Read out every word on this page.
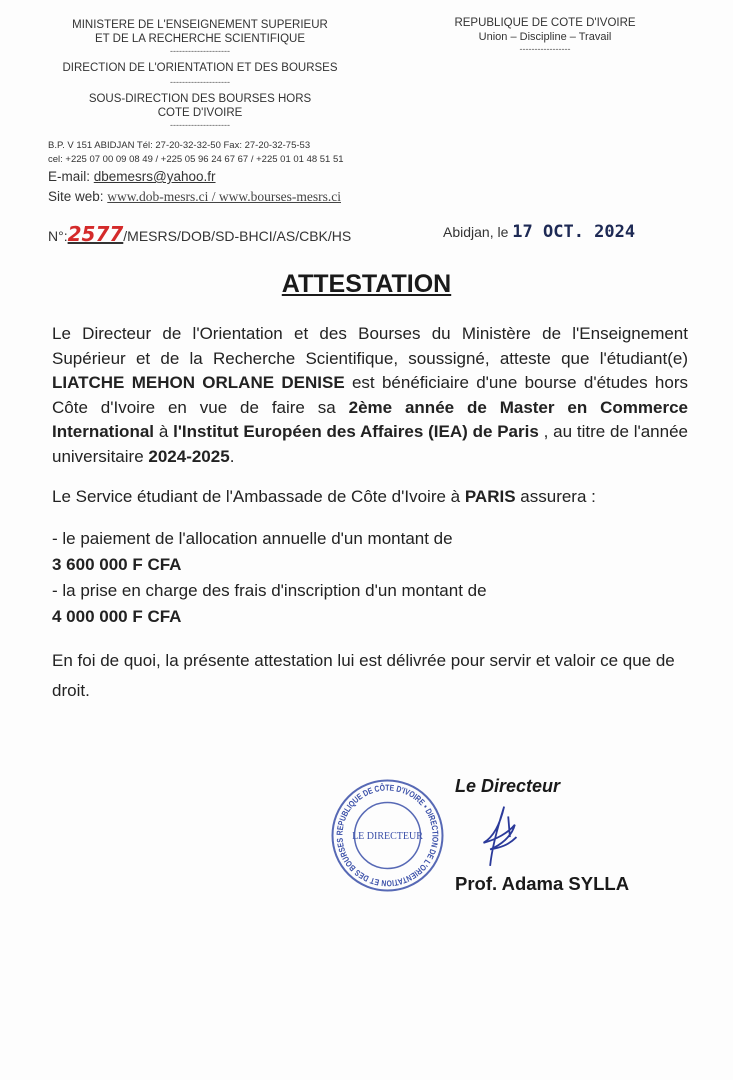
MINISTERE DE L'ENSEIGNEMENT SUPERIEUR
ET DE LA RECHERCHE SCIENTIFIQUE
--------------------
DIRECTION DE L'ORIENTATION ET DES BOURSES
--------------------
SOUS-DIRECTION DES BOURSES HORS
COTE D'IVOIRE
--------------------
B.P. V 151 ABIDJAN Tél: 27-20-32-32-50 Fax: 27-20-32-75-53
cel: +225 07 00 09 08 49 / +225 05 96 24 67 67 / +225 01 01 48 51 51
E-mail: dbemesrs@yahoo.fr
Site web: www.dob-mesrs.ci / www.bourses-mesrs.ci
REPUBLIQUE DE COTE D'IVOIRE
Union – Discipline – Travail
-----------------
N°:2577/MESRS/DOB/SD-BHCI/AS/CBK/HS	Abidjan, le 17 OCT. 2024
ATTESTATION

Le Directeur de l'Orientation et des Bourses du Ministère de l'Enseignement Supérieur et de la Recherche Scientifique, soussigné, atteste que l'étudiant(e) LIATCHE MEHON ORLANE DENISE est bénéficiaire d'une bourse d'études hors Côte d'Ivoire en vue de faire sa 2ème année de Master en Commerce International à l'Institut Européen des Affaires (IEA) de Paris , au titre de l'année universitaire 2024-2025.

Le Service étudiant de l'Ambassade de Côte d'Ivoire à PARIS assurera :

- le paiement de l'allocation annuelle d'un montant de
3 600 000 F CFA
- la prise en charge des frais d'inscription d'un montant de
4 000 000 F CFA

En foi de quoi, la présente attestation lui est délivrée pour servir et valoir ce que de droit.

REPUBLIQUE DE CÔTE D'IVOIRE • DIRECTION DE L'ORIENTATION ET DES BOURSES LE DIRECTEUR
Le Directeur
Prof. Adama SYLLA
